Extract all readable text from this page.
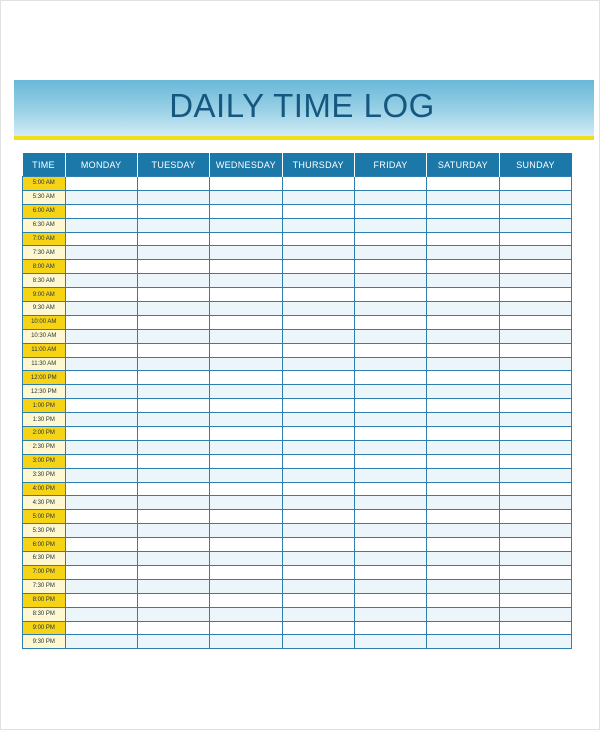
DAILY TIME LOG
TIME	MONDAY	TUESDAY	WEDNESDAY	THURSDAY	FRIDAY	SATURDAY	SUNDAY
5:00 AM							
5:30 AM							
6:00 AM							
6:30 AM							
7:00 AM							
7:30 AM							
8:00 AM							
8:30 AM							
9:00 AM							
9:30 AM							
10:00 AM							
10:30 AM							
11:00 AM							
11:30 AM							
12:00 PM							
12:30 PM							
1:00 PM							
1:30 PM							
2:00 PM							
2:30 PM							
3:00 PM							
3:30 PM							
4:00 PM							
4:30 PM							
5:00 PM							
5:30 PM							
6:00 PM							
6:30 PM							
7:00 PM							
7:30 PM							
8:00 PM							
8:30 PM							
9:00 PM							
9:30 PM							
